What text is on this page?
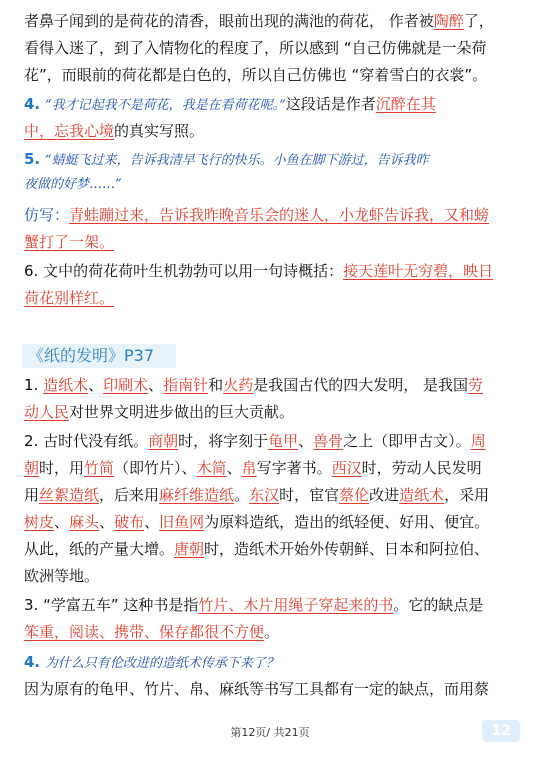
者鼻子闻到的是荷花的清香，眼前出现的满池的荷花， 作者被陶醉了，
看得入迷了，到了入情物化的程度了，所以感到 “自己仿佛就是一朵荷
花”，而眼前的荷花都是白色的，所以自己仿佛也 “穿着雪白的衣裳”。
4. “我才记起我不是荷花，我是在看荷花呢。”这段话是作者沉醉在其
中，忘我心境的真实写照。
5. “蜻蜓飞过来，告诉我清早飞行的快乐。小鱼在脚下游过，告诉我昨
夜做的好梦……”
仿写：青蛙蹦过来，告诉我昨晚音乐会的迷人，小龙虾告诉我，又和螃
蟹打了一架。
6. 文中的荷花荷叶生机勃勃可以用一句诗概括：接天莲叶无穷碧，映日
荷花别样红。
《纸的发明》P37
1. 造纸术、印刷术、指南针和火药是我国古代的四大发明， 是我国劳
动人民对世界文明进步做出的巨大贡献。
2. 古时代没有纸。商朝时，将字刻于龟甲、兽骨之上（即甲古文）。周
朝时，用竹简（即竹片）、木简、帛写字著书。西汉时，劳动人民发明
用丝絮造纸，后来用麻纤维造纸。东汉时，宦官蔡伦改进造纸术，采用
树皮、麻头、破布、旧鱼网为原料造纸，造出的纸轻便、好用、便宜。
从此，纸的产量大增。唐朝时，造纸术开始外传朝鲜、日本和阿拉伯、
欧洲等地。
3. “学富五车” 这种书是指竹片、木片用绳子穿起来的书。它的缺点是
笨重，阅读、携带、保存都很不方便。
4. 为什么只有伦改进的造纸术传承下来了？
因为原有的龟甲、竹片、帛、麻纸等书写工具都有一定的缺点，而用蔡
第12页/ 共21页	12
